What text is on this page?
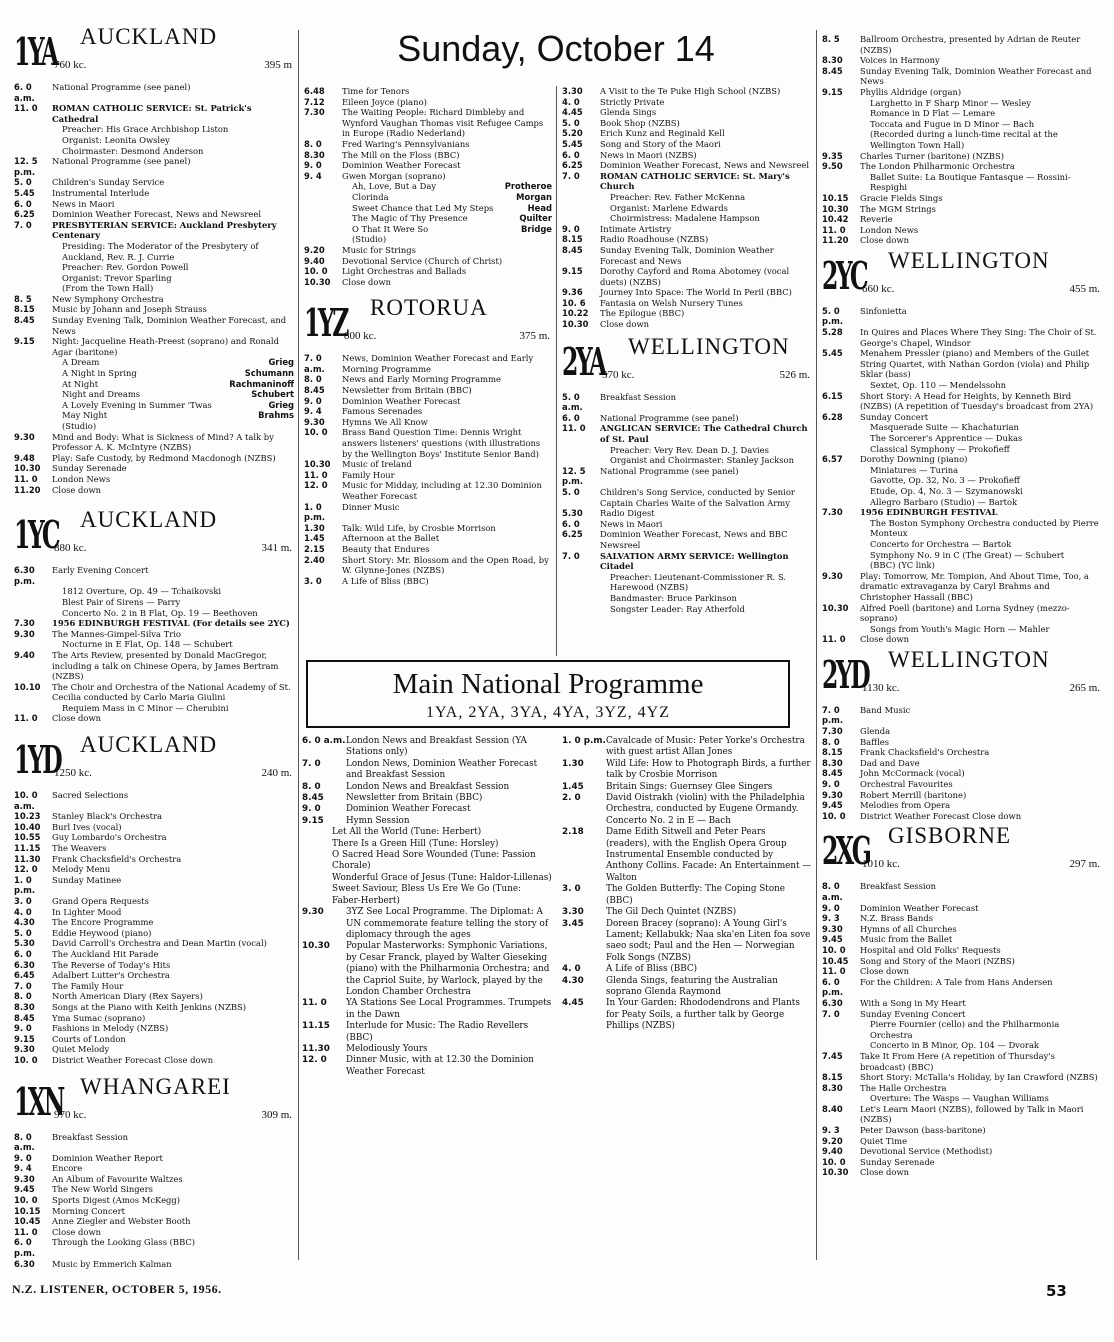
Sunday, October 14
1YA
760 kc.
AUCKLAND
395 m
6. 0 a.m.
National Programme (see panel)
11. 0	ROMAN CATHOLIC SERVICE: St. Patrick's Cathedral
Preacher: His Grace Archbishop Liston
Organist: Leonita Owsley
Choirmaster: Desmond Anderson
12. 5 p.m.
National Programme (see panel)
5. 0	Children's Sunday Service
5.45	Instrumental Interlude
6. 0	News in Maori
6.25	Dominion Weather Forecast, News and Newsreel
7. 0	PRESBYTERIAN SERVICE: Auckland Presbytery Centenary
Presiding: The Moderator of the Presbytery of Auckland, Rev. R. J. Currie
Preacher: Rev. Gordon Powell
Organist: Trevor Sparling
(From the Town Hall)
8. 5	New Symphony Orchestra
8.15	Music by Johann and Joseph Strauss
8.45	Sunday Evening Talk, Dominion Weather Forecast, and News
9.15	Night: Jacqueline Heath-Preest (soprano) and Ronald Agar (baritone)
A Dream	Grieg
A Night in Spring	Schumann
At Night	Rachmaninoff
Night and Dreams	Schubert
A Lovely Evening in Summer 'Twas	Grieg
May Night	Brahms
(Studio)
9.30	Mind and Body: What is Sickness of Mind? A talk by Professor A. K. McIntyre (NZBS)
9.48	Play: Safe Custody, by Redmond Macdonogh (NZBS)
10.30	Sunday Serenade
11. 0	London News
11.20	Close down
1YC
880 kc.
AUCKLAND
341 m.
6.30 p.m.
Early Evening Concert
1812 Overture, Op. 49 — Tchaikovski
Blest Pair of Sirens — Parry
Concerto No. 2 in B Flat, Op. 19 — Beethoven
7.30	1956 EDINBURGH FESTIVAL (For details see 2YC)
9.30	The Mannes-Gimpel-Silva Trio
Nocturne in E Flat, Op. 148 — Schubert
9.40	The Arts Review, presented by Donald MacGregor, including a talk on Chinese Opera, by James Bertram (NZBS)
10.10	The Choir and Orchestra of the National Academy of St. Cecilia conducted by Carlo Maria Giulini
Requiem Mass in C Minor — Cherubini
11. 0	Close down
1YD
1250 kc.
AUCKLAND
240 m.
10. 0 a.m.
Sacred Selections
10.23	Stanley Black's Orchestra
10.40	Burl Ives (vocal)
10.55	Guy Lombardo's Orchestra
11.15	The Weavers
11.30	Frank Chacksfield's Orchestra
12. 0	Melody Menu
1. 0 p.m.
Sunday Matinee
3. 0	Grand Opera Requests
4. 0	In Lighter Mood
4.30	The Encore Programme
5. 0	Eddie Heywood (piano)
5.30	David Carroll's Orchestra and Dean Martin (vocal)
6. 0	The Auckland Hit Parade
6.30	The Reverse of Today's Hits
6.45	Adalbert Lutter's Orchestra
7. 0	The Family Hour
8. 0	North American Diary (Rex Sayers)
8.30	Songs at the Piano with Keith Jenkins (NZBS)
8.45	Yma Sumac (soprano)
9. 0	Fashions in Melody (NZBS)
9.15	Courts of London
9.30	Quiet Melody
10. 0	District Weather Forecast Close down
1XN
970 kc.
WHANGAREI
309 m.
8. 0 a.m.
Breakfast Session
9. 0	Dominion Weather Report
9. 4	Encore
9.30	An Album of Favourite Waltzes
9.45	The New World Singers
10. 0	Sports Digest (Amos McKegg)
10.15	Morning Concert
10.45	Anne Ziegler and Webster Booth
11. 0	Close down
6. 0 p.m.
Through the Looking Glass (BBC)
6.30	Music by Emmerich Kalman
6.48	Time for Tenors
7.12	Eileen Joyce (piano)
7.30	The Waiting People: Richard Dimbleby and Wynford Vaughan Thomas visit Refugee Camps in Europe (Radio Nederland)
8. 0	Fred Waring's Pennsylvanians
8.30	The Mill on the Floss (BBC)
9. 0	Dominion Weather Forecast
9. 4	Gwen Morgan (soprano)
Ah, Love, But a Day	Protheroe
Clorinda	Morgan
Sweet Chance that Led My Steps	Head
The Magic of Thy Presence	Quilter
O That It Were So	Bridge
(Studio)
9.20	Music for Strings
9.40	Devotional Service (Church of Christ)
10. 0	Light Orchestras and Ballads
10.30	Close down
1YZ
800 kc.
ROTORUA
375 m.
7. 0 a.m.
News, Dominion Weather Forecast and Early Morning Programme
8. 0	News and Early Morning Programme
8.45	Newsletter from Britain (BBC)
9. 0	Dominion Weather Forecast
9. 4	Famous Serenades
9.30	Hymns We All Know
10. 0	Brass Band Question Time: Dennis Wright answers listeners' questions (with illustrations by the Wellington Boys' Institute Senior Band)
10.30	Music of Ireland
11. 0	Family Hour
12. 0	Music for Midday, including at 12.30 Dominion Weather Forecast
1. 0 p.m.
Dinner Music
1.30	Talk: Wild Life, by Crosbie Morrison
1.45	Afternoon at the Ballet
2.15	Beauty that Endures
2.40	Short Story: Mr. Blossom and the Open Road, by W. Glynne-Jones (NZBS)
3. 0	A Life of Bliss (BBC)
3.30	A Visit to the Te Puke High School (NZBS)
4. 0	Strictly Private
4.45	Glenda Sings
5. 0	Book Shop (NZBS)
5.20	Erich Kunz and Reginald Kell
5.45	Song and Story of the Maori
6. 0	News in Maori (NZBS)
6.25	Dominion Weather Forecast, News and Newsreel
7. 0	ROMAN CATHOLIC SERVICE: St. Mary's Church
Preacher: Rev. Father McKenna
Organist: Marlene Edwards
Choirmistress: Madalene Hampson
9. 0	Intimate Artistry
8.15	Radio Roadhouse (NZBS)
8.45	Sunday Evening Talk, Dominion Weather Forecast and News
9.15	Dorothy Cayford and Roma Abotomey (vocal duets) (NZBS)
9.36	Journey Into Space: The World In Peril (BBC)
10. 6	Fantasia on Welsh Nursery Tunes
10.22	The Epilogue (BBC)
10.30	Close down
2YA
570 kc.
WELLINGTON
526 m.
5. 0 a.m.
Breakfast Session
6. 0	National Programme (see panel)
11. 0	ANGLICAN SERVICE: The Cathedral Church of St. Paul
Preacher: Very Rev. Dean D. J. Davies
Organist and Choirmaster: Stanley Jackson
12. 5 p.m.
National Programme (see panel)
5. 0	Children's Song Service, conducted by Senior Captain Charles Waite of the Salvation Army
5.30	Radio Digest
6. 0	News in Maori
6.25	Dominion Weather Forecast, News and BBC Newsreel
7. 0	SALVATION ARMY SERVICE: Wellington Citadel
Preacher: Lieutenant-Commissioner R. S. Harewood (NZBS)
Bandmaster: Bruce Parkinson
Songster Leader: Ray Atherfold
Main National Programme
1YA, 2YA, 3YA, 4YA, 3YZ, 4YZ
6. 0 a.m. London News and Breakfast Session (YA Stations only)
7. 0	London News, Dominion Weather Forecast and Breakfast Session
8. 0	London News and Breakfast Session
8.45	Newsletter from Britain (BBC)
9. 0	Dominion Weather Forecast
9.15	Hymn Session
Let All the World (Tune: Herbert)
There Is a Green Hill (Tune: Horsley)
O Sacred Head Sore Wounded (Tune: Passion Chorale)
Wonderful Grace of Jesus (Tune: Haldor-Lillenas)
Sweet Saviour, Bless Us Ere We Go (Tune: Faber-Herbert)
9.30	3YZ See Local Programme. The Diplomat: A UN commemorate feature telling the story of diplomacy through the ages
10.30	Popular Masterworks: Symphonic Variations, by Cesar Franck, played by Walter Gieseking (piano) with the Philharmonia Orchestra; and the Capriol Suite, by Warlock, played by the London Chamber Orchestra
11. 0	YA Stations See Local Programmes. Trumpets in the Dawn
11.15	Interlude for Music: The Radio Revellers (BBC)
11.30	Melodiously Yours
12. 0	Dinner Music, with at 12.30 the Dominion Weather Forecast
1. 0 p.m. Cavalcade of Music: Peter Yorke's Orchestra with guest artist Allan Jones
1.30	Wild Life: How to Photograph Birds, a further talk by Crosbie Morrison
1.45	Britain Sings: Guernsey Glee Singers
2. 0	David Oistrakh (violin) with the Philadelphia Orchestra, conducted by Eugene Ormandy. Concerto No. 2 in E — Bach
2.18	Dame Edith Sitwell and Peter Pears (readers), with the English Opera Group Instrumental Ensemble conducted by Anthony Collins. Facade: An Entertainment — Walton
3. 0	The Golden Butterfly: The Coping Stone (BBC)
3.30	The Gil Dech Quintet (NZBS)
3.45	Doreen Bracey (soprano): A Young Girl's Lament; Kellabukk; Naa ska'en Liten foa sove saeo sodt; Paul and the Hen — Norwegian Folk Songs (NZBS)
4. 0	A Life of Bliss (BBC)
4.30	Glenda Sings, featuring the Australian soprano Glenda Raymond
4.45	In Your Garden: Rhododendrons and Plants for Peaty Soils, a further talk by George Phillips (NZBS)
8. 5	Ballroom Orchestra, presented by Adrian de Reuter (NZBS)
8.30	Voices in Harmony
8.45	Sunday Evening Talk, Dominion Weather Forecast and News
9.15	Phyllis Aldridge (organ)
Larghetto in F Sharp Minor — Wesley
Romance in D Flat — Lemare
Toccata and Fugue in D Minor — Bach
(Recorded during a lunch-time recital at the Wellington Town Hall)
9.35	Charles Turner (baritone) (NZBS)
9.50	The London Philharmonic Orchestra
Ballet Suite: La Boutique Fantasque — Rossini-Respighi
10.15	Gracie Fields Sings
10.30	The MGM Strings
10.42	Reverie
11. 0	London News
11.20	Close down
2YC
660 kc.
WELLINGTON
455 m.
5. 0 p.m.
Sinfonietta
5.28	In Quires and Places Where They Sing: The Choir of St. George's Chapel, Windsor
5.45	Menahem Pressler (piano) and Members of the Guilet String Quartet, with Nathan Gordon (viola) and Philip Sklar (bass)
Sextet, Op. 110 — Mendelssohn
6.15	Short Story: A Head for Heights, by Kenneth Bird (NZBS) (A repetition of Tuesday's broadcast from 2YA)
6.28	Sunday Concert
Masquerade Suite — Khachaturian
The Sorcerer's Apprentice — Dukas
Classical Symphony — Prokofieff
6.57	Dorothy Downing (piano)
Miniatures — Turina
Gavotte, Op. 32, No. 3 — Prokofieff
Etude, Op. 4, No. 3 — Szymanowski
Allegro Barbaro (Studio) — Bartok
7.30	1956 EDINBURGH FESTIVAL
The Boston Symphony Orchestra conducted by Pierre Monteux
Concerto for Orchestra — Bartok
Symphony No. 9 in C (The Great) — Schubert
(BBC) (YC link)
9.30	Play: Tomorrow, Mr. Tompion, And About Time, Too, a dramatic extravaganza by Caryl Brahms and Christopher Hassall (BBC)
10.30	Alfred Poell (baritone) and Lorna Sydney (mezzo-soprano)
Songs from Youth's Magic Horn — Mahler
11. 0	Close down
2YD
1130 kc.
WELLINGTON
265 m.
7. 0 p.m.
Band Music
7.30	Glenda
8. 0	Baffles
8.15	Frank Chacksfield's Orchestra
8.30	Dad and Dave
8.45	John McCormack (vocal)
9. 0	Orchestral Favourites
9.30	Robert Merrill (baritone)
9.45	Melodies from Opera
10. 0	District Weather Forecast Close down
2XG
1010 kc.
GISBORNE
297 m.
8. 0 a.m.
Breakfast Session
9. 0	Dominion Weather Forecast
9. 3	N.Z. Brass Bands
9.30	Hymns of all Churches
9.45	Music from the Ballet
10. 0	Hospital and Old Folks' Requests
10.45	Song and Story of the Maori (NZBS)
11. 0	Close down
6. 0 p.m.
For the Children: A Tale from Hans Andersen
6.30	With a Song in My Heart
7. 0	Sunday Evening Concert
Pierre Fournier (cello) and the Philharmonia Orchestra
Concerto in B Minor, Op. 104 — Dvorak
7.45	Take It From Here (A repetition of Thursday's broadcast) (BBC)
8.15	Short Story: McTalla's Holiday, by Ian Crawford (NZBS)
8.30	The Halle Orchestra
Overture: The Wasps — Vaughan Williams
8.40	Let's Learn Maori (NZBS), followed by Talk in Maori (NZBS)
9. 3	Peter Dawson (bass-baritone)
9.20	Quiet Time
9.40	Devotional Service (Methodist)
10. 0	Sunday Serenade
10.30	Close down
N.Z. LISTENER, OCTOBER 5, 1956.	53
